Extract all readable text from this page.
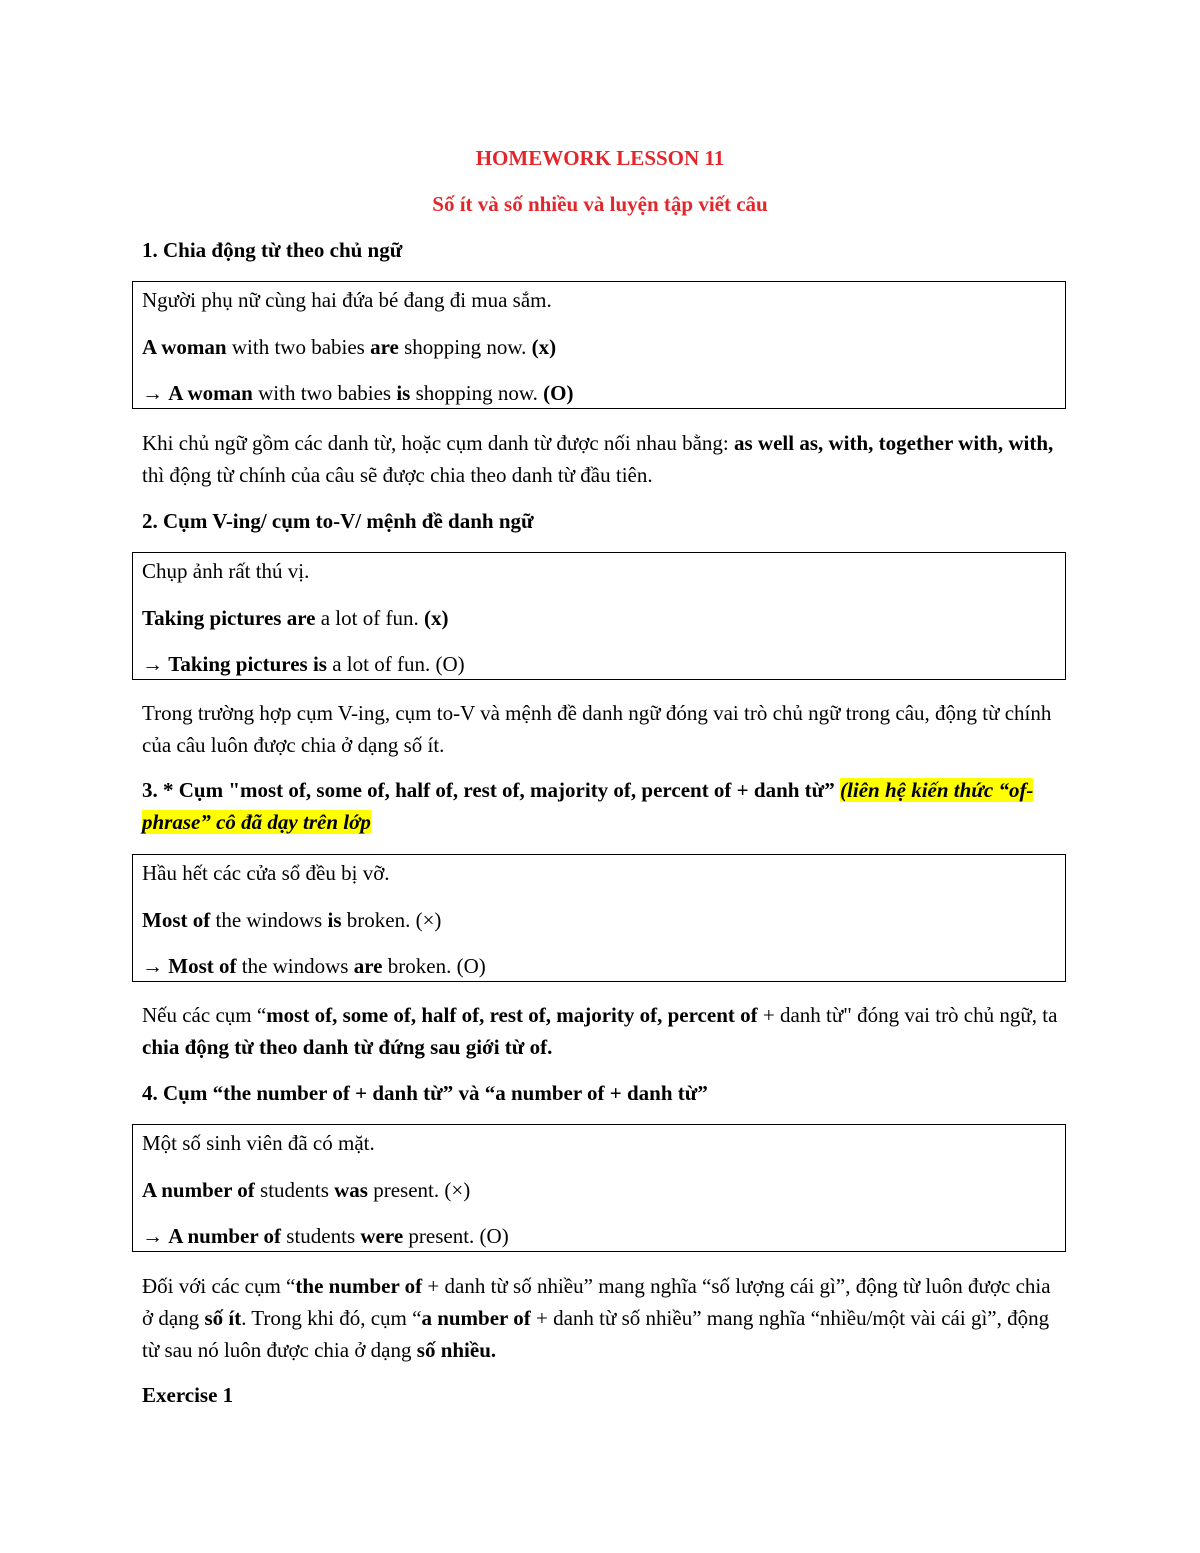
HOMEWORK LESSON 11
Số ít và số nhiều và luyện tập viết câu
1. Chia động từ theo chủ ngữ
Người phụ nữ cùng hai đứa bé đang đi mua sắm.
A woman with two babies are shopping now. (x)
→ A woman with two babies is shopping now. (O)
Khi chủ ngữ gồm các danh từ, hoặc cụm danh từ được nối nhau bằng: as well as, with, together with, with, thì động từ chính của câu sẽ được chia theo danh từ đầu tiên.
2. Cụm V-ing/ cụm to-V/ mệnh đề danh ngữ
Chụp ảnh rất thú vị.
Taking pictures are a lot of fun. (x)
→ Taking pictures is a lot of fun. (O)
Trong trường hợp cụm V-ing, cụm to-V và mệnh đề danh ngữ đóng vai trò chủ ngữ trong câu, động từ chính của câu luôn được chia ở dạng số ít.
3. * Cụm "most of, some of, half of, rest of, majority of, percent of + danh từ” (liên hệ kiến thức “of-phrase” cô đã dạy trên lớp
Hầu hết các cửa sổ đều bị vỡ.
Most of the windows is broken. (×)
→ Most of the windows are broken. (O)
Nếu các cụm “most of, some of, half of, rest of, majority of, percent of + danh từ" đóng vai trò chủ ngữ, ta chia động từ theo danh từ đứng sau giới từ of.
4. Cụm “the number of + danh từ” và “a number of + danh từ”
Một số sinh viên đã có mặt.
A number of students was present. (×)
→ A number of students were present. (O)
Đối với các cụm “the number of + danh từ số nhiều” mang nghĩa “số lượng cái gì”, động từ luôn được chia ở dạng số ít. Trong khi đó, cụm “a number of + danh từ số nhiều” mang nghĩa “nhiều/một vài cái gì”, động từ sau nó luôn được chia ở dạng số nhiều.
Exercise 1
